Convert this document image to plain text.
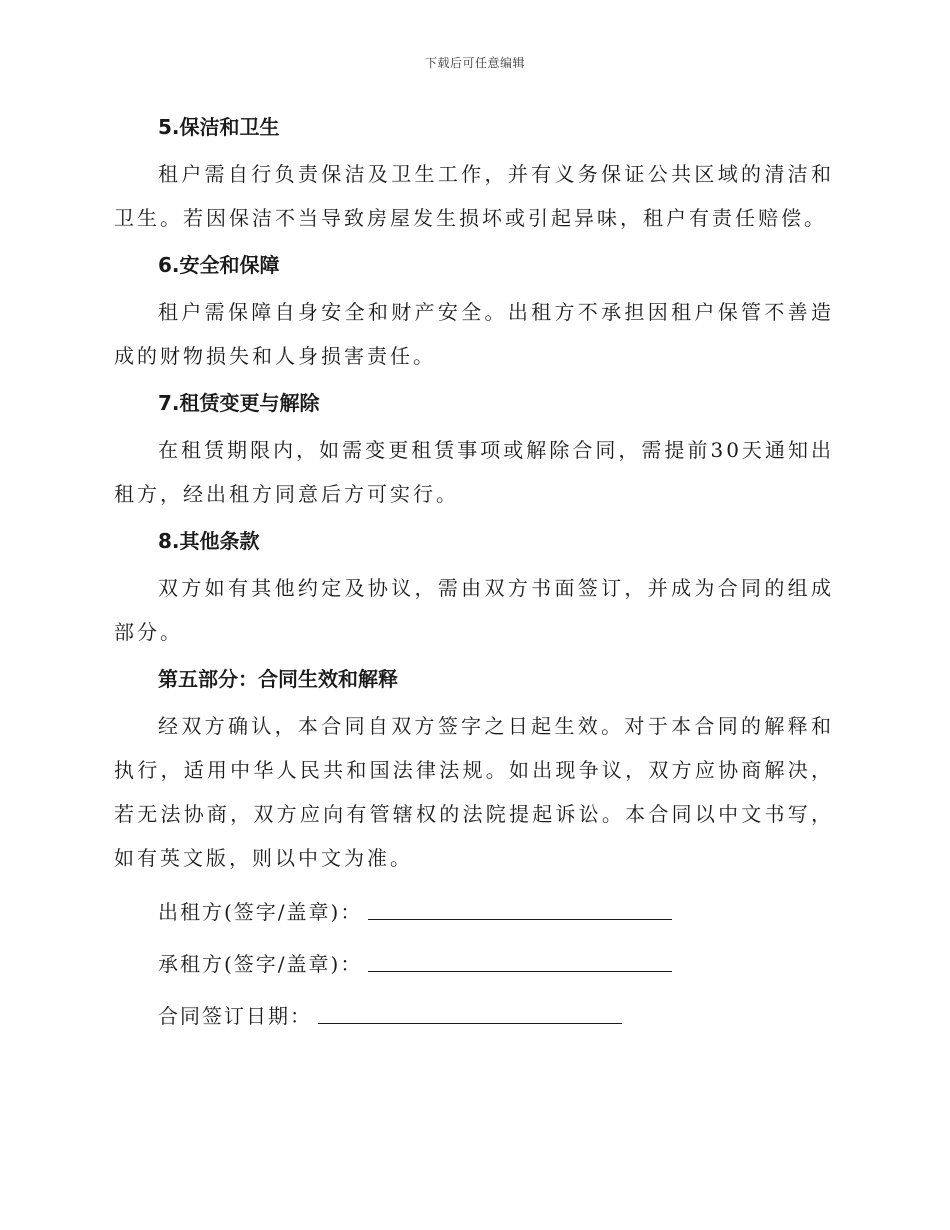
下载后可任意编辑
5.保洁和卫生

租户需自行负责保洁及卫生工作，并有义务保证公共区域的清洁和卫生。若因保洁不当导致房屋发生损坏或引起异味，租户有责任赔偿。

6.安全和保障

租户需保障自身安全和财产安全。出租方不承担因租户保管不善造成的财物损失和人身损害责任。

7.租赁变更与解除

在租赁期限内，如需变更租赁事项或解除合同，需提前30天通知出租方，经出租方同意后方可实行。

8.其他条款

双方如有其他约定及协议，需由双方书面签订，并成为合同的组成部分。

第五部分：合同生效和解释

经双方确认，本合同自双方签字之日起生效。对于本合同的解释和执行，适用中华人民共和国法律法规。如出现争议，双方应协商解决，若无法协商，双方应向有管辖权的法院提起诉讼。本合同以中文书写，如有英文版，则以中文为准。

出租方(签字/盖章)：
承租方(签字/盖章)：
合同签订日期：
